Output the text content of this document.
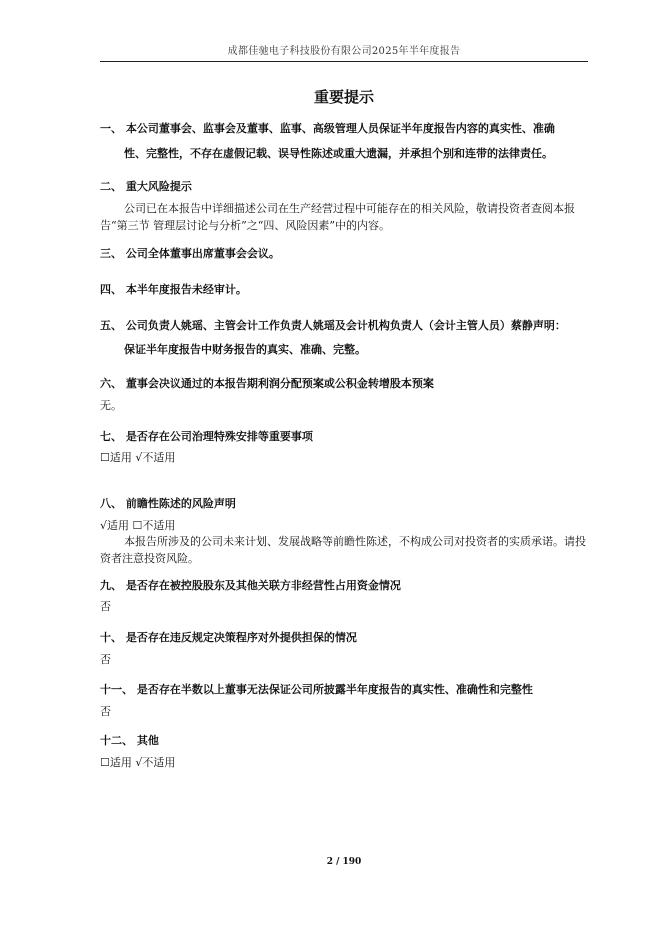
成都佳驰电子科技股份有限公司2025年半年度报告
重要提示
一、 本公司董事会、监事会及董事、监事、高级管理人员保证半年度报告内容的真实性、准确
性、完整性，不存在虚假记载、误导性陈述或重大遗漏，并承担个别和连带的法律责任。
二、 重大风险提示
公司已在本报告中详细描述公司在生产经营过程中可能存在的相关风险，敬请投资者查阅本报告“第三节 管理层讨论与分析”之“四、风险因素”中的内容。
三、 公司全体董事出席董事会会议。
四、 本半年度报告未经审计。
五、 公司负责人姚瑶、主管会计工作负责人姚瑶及会计机构负责人（会计主管人员）蔡静声明：
保证半年度报告中财务报告的真实、准确、完整。
六、 董事会决议通过的本报告期利润分配预案或公积金转增股本预案
无。
七、 是否存在公司治理特殊安排等重要事项
☐适用 √不适用
八、 前瞻性陈述的风险声明
√适用 ☐不适用
本报告所涉及的公司未来计划、发展战略等前瞻性陈述，不构成公司对投资者的实质承诺。请投资者注意投资风险。
九、 是否存在被控股股东及其他关联方非经营性占用资金情况
否
十、 是否存在违反规定决策程序对外提供担保的情况
否
十一、 是否存在半数以上董事无法保证公司所披露半年度报告的真实性、准确性和完整性
否
十二、 其他
☐适用 √不适用
2 / 190
